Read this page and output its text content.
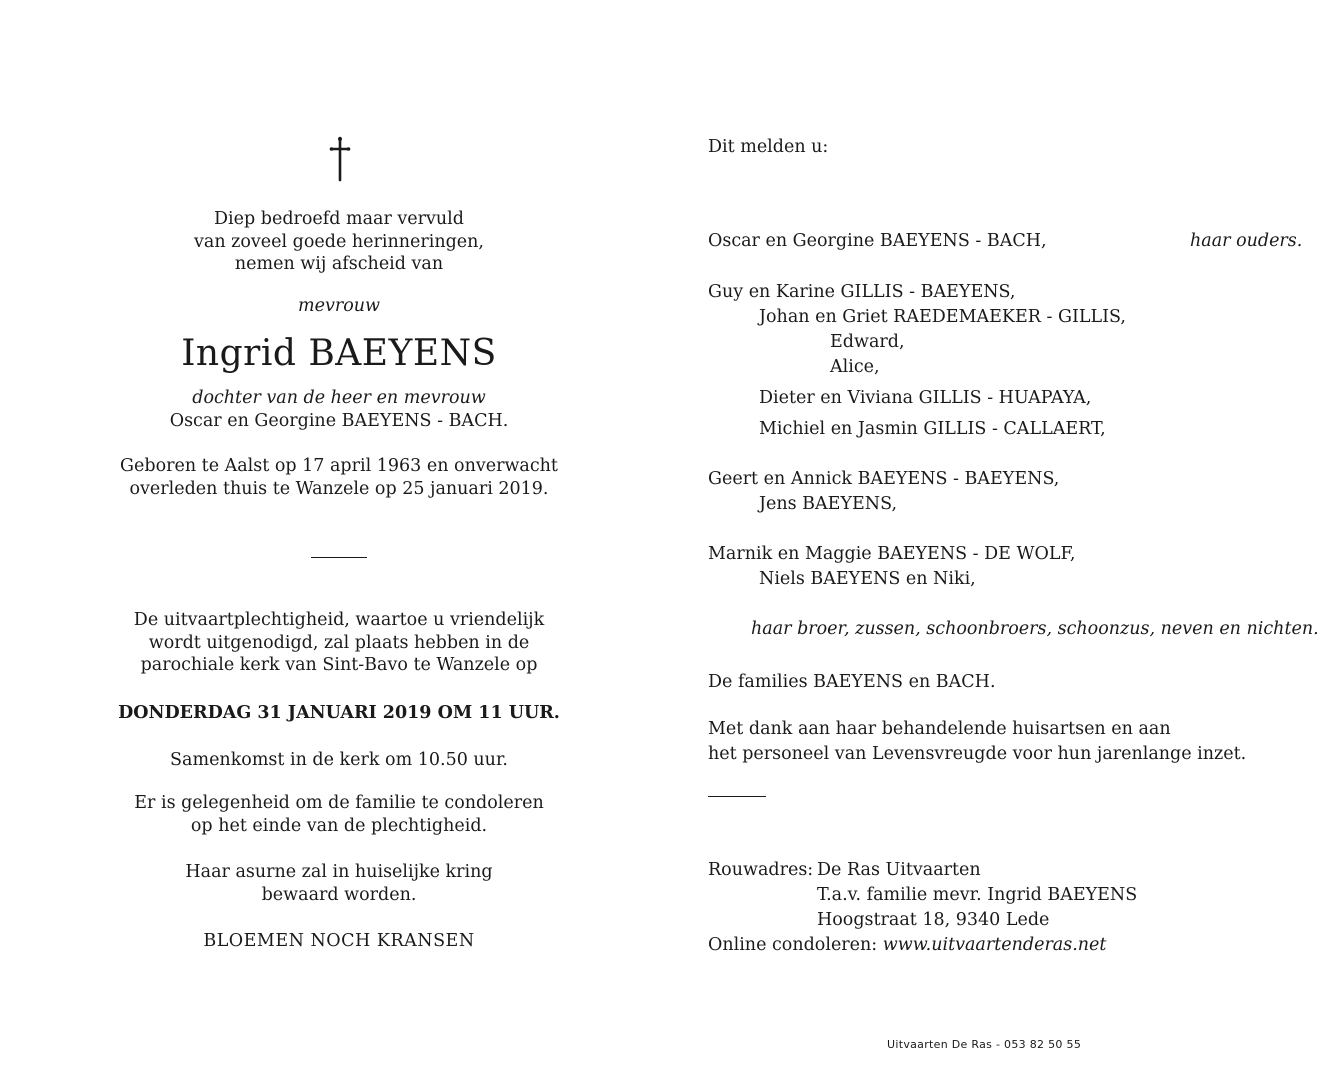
Diep bedroefd maar vervuld
van zoveel goede herinneringen,
nemen wij afscheid van
mevrouw
Ingrid BAEYENS
dochter van de heer en mevrouw
Oscar en Georgine BAEYENS - BACH.
Geboren te Aalst op 17 april 1963 en onverwacht
overleden thuis te Wanzele op 25 januari 2019.
De uitvaartplechtigheid, waartoe u vriendelijk
wordt uitgenodigd, zal plaats hebben in de
parochiale kerk van Sint-Bavo te Wanzele op
DONDERDAG 31 JANUARI 2019 OM 11 UUR.
Samenkomst in de kerk om 10.50 uur.
Er is gelegenheid om de familie te condoleren
op het einde van de plechtigheid.
Haar asurne zal in huiselijke kring
bewaard worden.
BLOEMEN NOCH KRANSEN
Dit melden u:
Oscar en Georgine BAEYENS - BACH,	haar ouders.
Guy en Karine GILLIS - BAEYENS,
Johan en Griet RAEDEMAEKER - GILLIS,
Edward,
Alice,
Dieter en Viviana GILLIS - HUAPAYA,
Michiel en Jasmin GILLIS - CALLAERT,
Geert en Annick BAEYENS - BAEYENS,
Jens BAEYENS,
Marnik en Maggie BAEYENS - DE WOLF,
Niels BAEYENS en Niki,
haar broer, zussen, schoonbroers, schoonzus, neven en nichten.
De families BAEYENS en BACH.
Met dank aan haar behandelende huisartsen en aan
het personeel van Levensvreugde voor hun jarenlange inzet.
Rouwadres: De Ras Uitvaarten
T.a.v. familie mevr. Ingrid BAEYENS
Hoogstraat 18, 9340 Lede
Online condoleren: www.uitvaartenderas.net
Uitvaarten De Ras - 053 82 50 55
